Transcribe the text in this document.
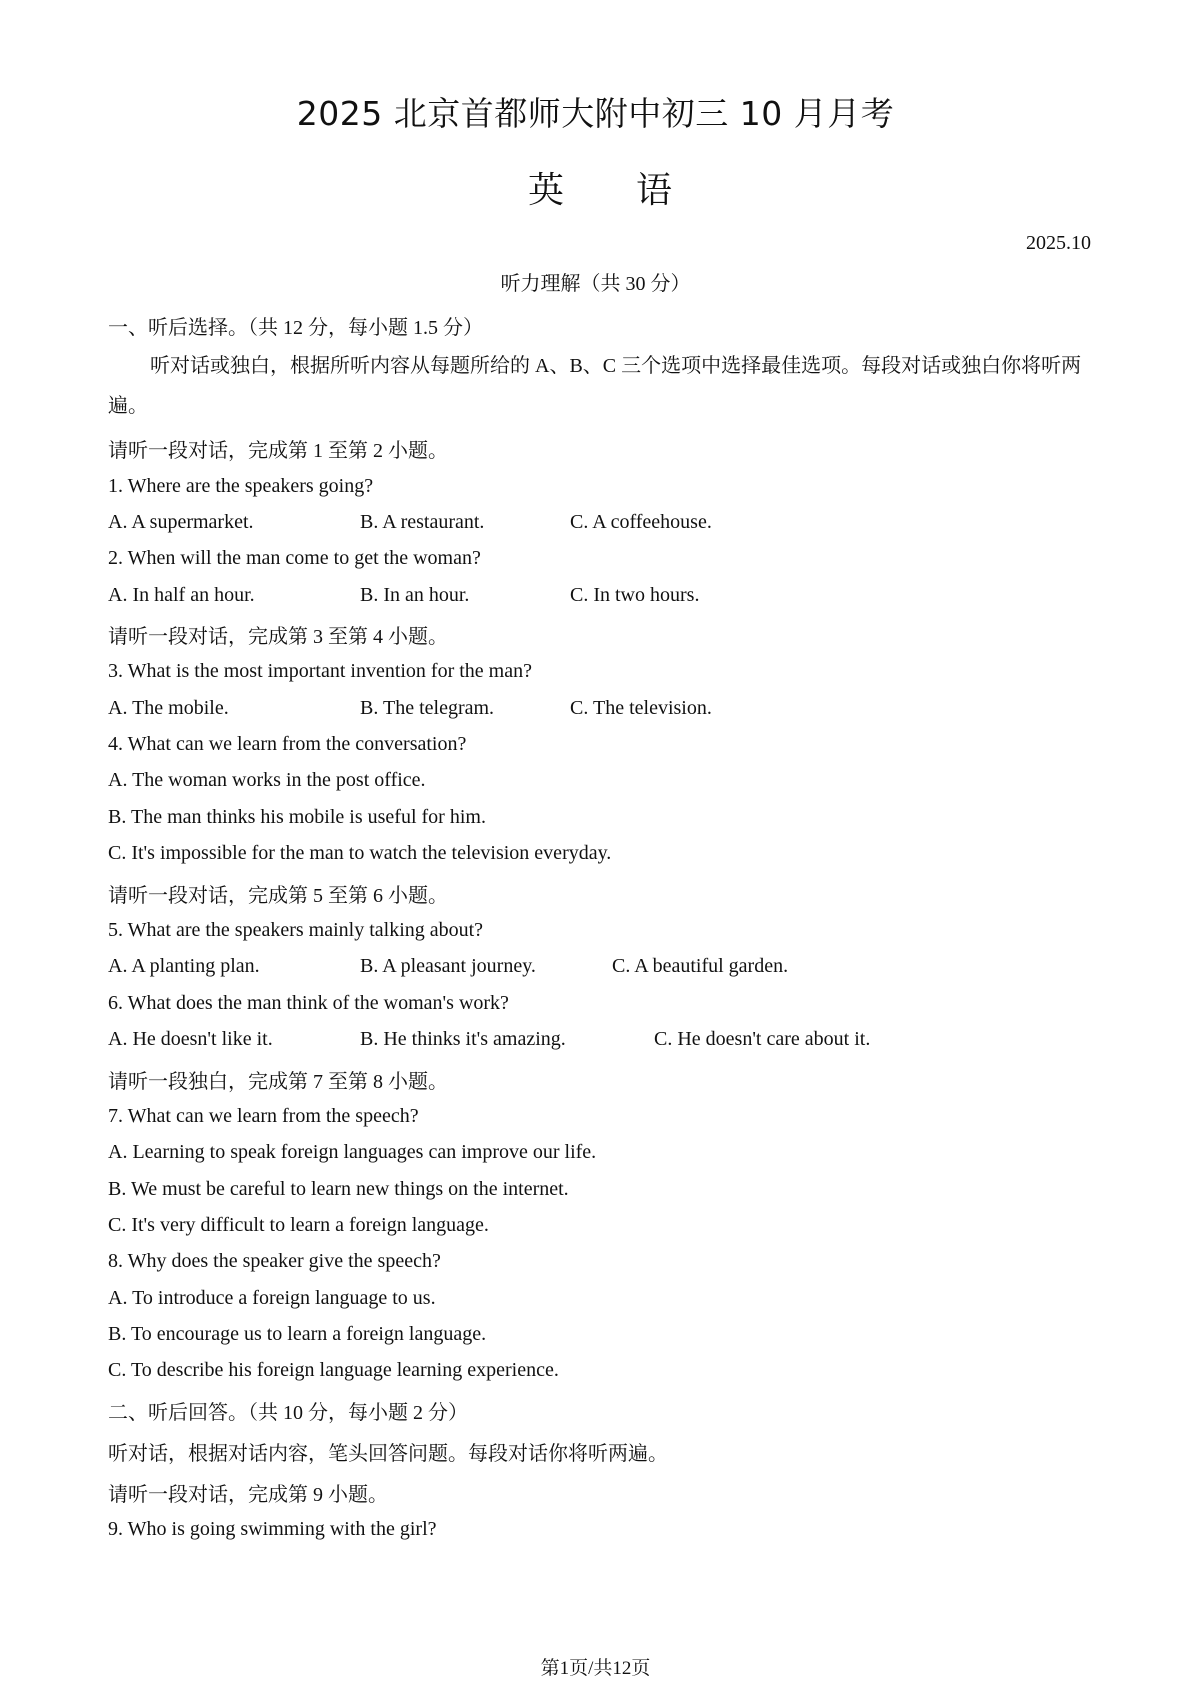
2025 北京首都师大附中初三 10 月月考
英 语
2025.10
听力理解（共 30 分）
一、听后选择。（共 12 分，每小题 1.5 分）
听对话或独白，根据所听内容从每题所给的 A、B、C 三个选项中选择最佳选项。每段对话或独白你将听两遍。
请听一段对话，完成第 1 至第 2 小题。
1. Where are the speakers going?
A. A supermarket.	B. A restaurant.	C. A coffeehouse.
2. When will the man come to get the woman?
A. In half an hour.	B. In an hour.	C. In two hours.
请听一段对话，完成第 3 至第 4 小题。
3. What is the most important invention for the man?
A. The mobile.	B. The telegram.	C. The television.
4. What can we learn from the conversation?
A. The woman works in the post office.
B. The man thinks his mobile is useful for him.
C. It's impossible for the man to watch the television everyday.
请听一段对话，完成第 5 至第 6 小题。
5. What are the speakers mainly talking about?
A. A planting plan.	B. A pleasant journey.	C. A beautiful garden.
6. What does the man think of the woman's work?
A. He doesn't like it.	B. He thinks it's amazing.	C. He doesn't care about it.
请听一段独白，完成第 7 至第 8 小题。
7. What can we learn from the speech?
A. Learning to speak foreign languages can improve our life.
B. We must be careful to learn new things on the internet.
C. It's very difficult to learn a foreign language.
8. Why does the speaker give the speech?
A. To introduce a foreign language to us.
B. To encourage us to learn a foreign language.
C. To describe his foreign language learning experience.
二、听后回答。（共 10 分，每小题 2 分）
听对话，根据对话内容，笔头回答问题。每段对话你将听两遍。
请听一段对话，完成第 9 小题。
9. Who is going swimming with the girl?
第1页/共12页
